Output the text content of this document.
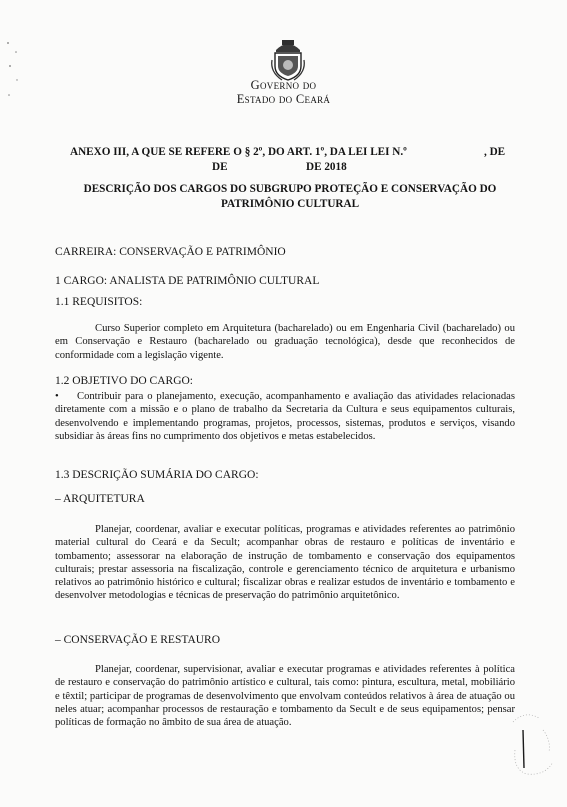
Governo do
Estado do Ceará
ANEXO III, A QUE SE REFERE O § 2º, DO ART. 1º, DA LEI LEI N.º	, DE
DE	DE 2018
DESCRIÇÃO DOS CARGOS DO SUBGRUPO PROTEÇÃO E CONSERVAÇÃO DO PATRIMÔNIO CULTURAL
CARREIRA: CONSERVAÇÃO E PATRIMÔNIO
1 CARGO: ANALISTA DE PATRIMÔNIO CULTURAL
1.1 REQUISITOS:
Curso Superior completo em Arquitetura (bacharelado) ou em Engenharia Civil (bacharelado) ou em Conservação e Restauro (bacharelado ou graduação tecnológica), desde que reconhecidos de conformidade com a legislação vigente.
1.2 OBJETIVO DO CARGO:
• Contribuir para o planejamento, execução, acompanhamento e avaliação das atividades relacionadas diretamente com a missão e o plano de trabalho da Secretaria da Cultura e seus equipamentos culturais, desenvolvendo e implementando programas, projetos, processos, sistemas, produtos e serviços, visando subsidiar às áreas fins no cumprimento dos objetivos e metas estabelecidos.
1.3 DESCRIÇÃO SUMÁRIA DO CARGO:
– ARQUITETURA
Planejar, coordenar, avaliar e executar políticas, programas e atividades referentes ao patrimônio material cultural do Ceará e da Secult; acompanhar obras de restauro e políticas de inventário e tombamento; assessorar na elaboração de instrução de tombamento e conservação dos equipamentos culturais; prestar assessoria na fiscalização, controle e gerenciamento técnico de arquitetura e urbanismo relativos ao patrimônio histórico e cultural; fiscalizar obras e realizar estudos de inventário e tombamento e desenvolver metodologias e técnicas de preservação do patrimônio arquitetônico.
– CONSERVAÇÃO E RESTAURO
Planejar, coordenar, supervisionar, avaliar e executar programas e atividades referentes à política de restauro e conservação do patrimônio artístico e cultural, tais como: pintura, escultura, metal, mobiliário e têxtil; participar de programas de desenvolvimento que envolvam conteúdos relativos à área de atuação ou neles atuar; acompanhar processos de restauração e tombamento da Secult e de seus equipamentos; pensar políticas de formação no âmbito de sua área de atuação.
